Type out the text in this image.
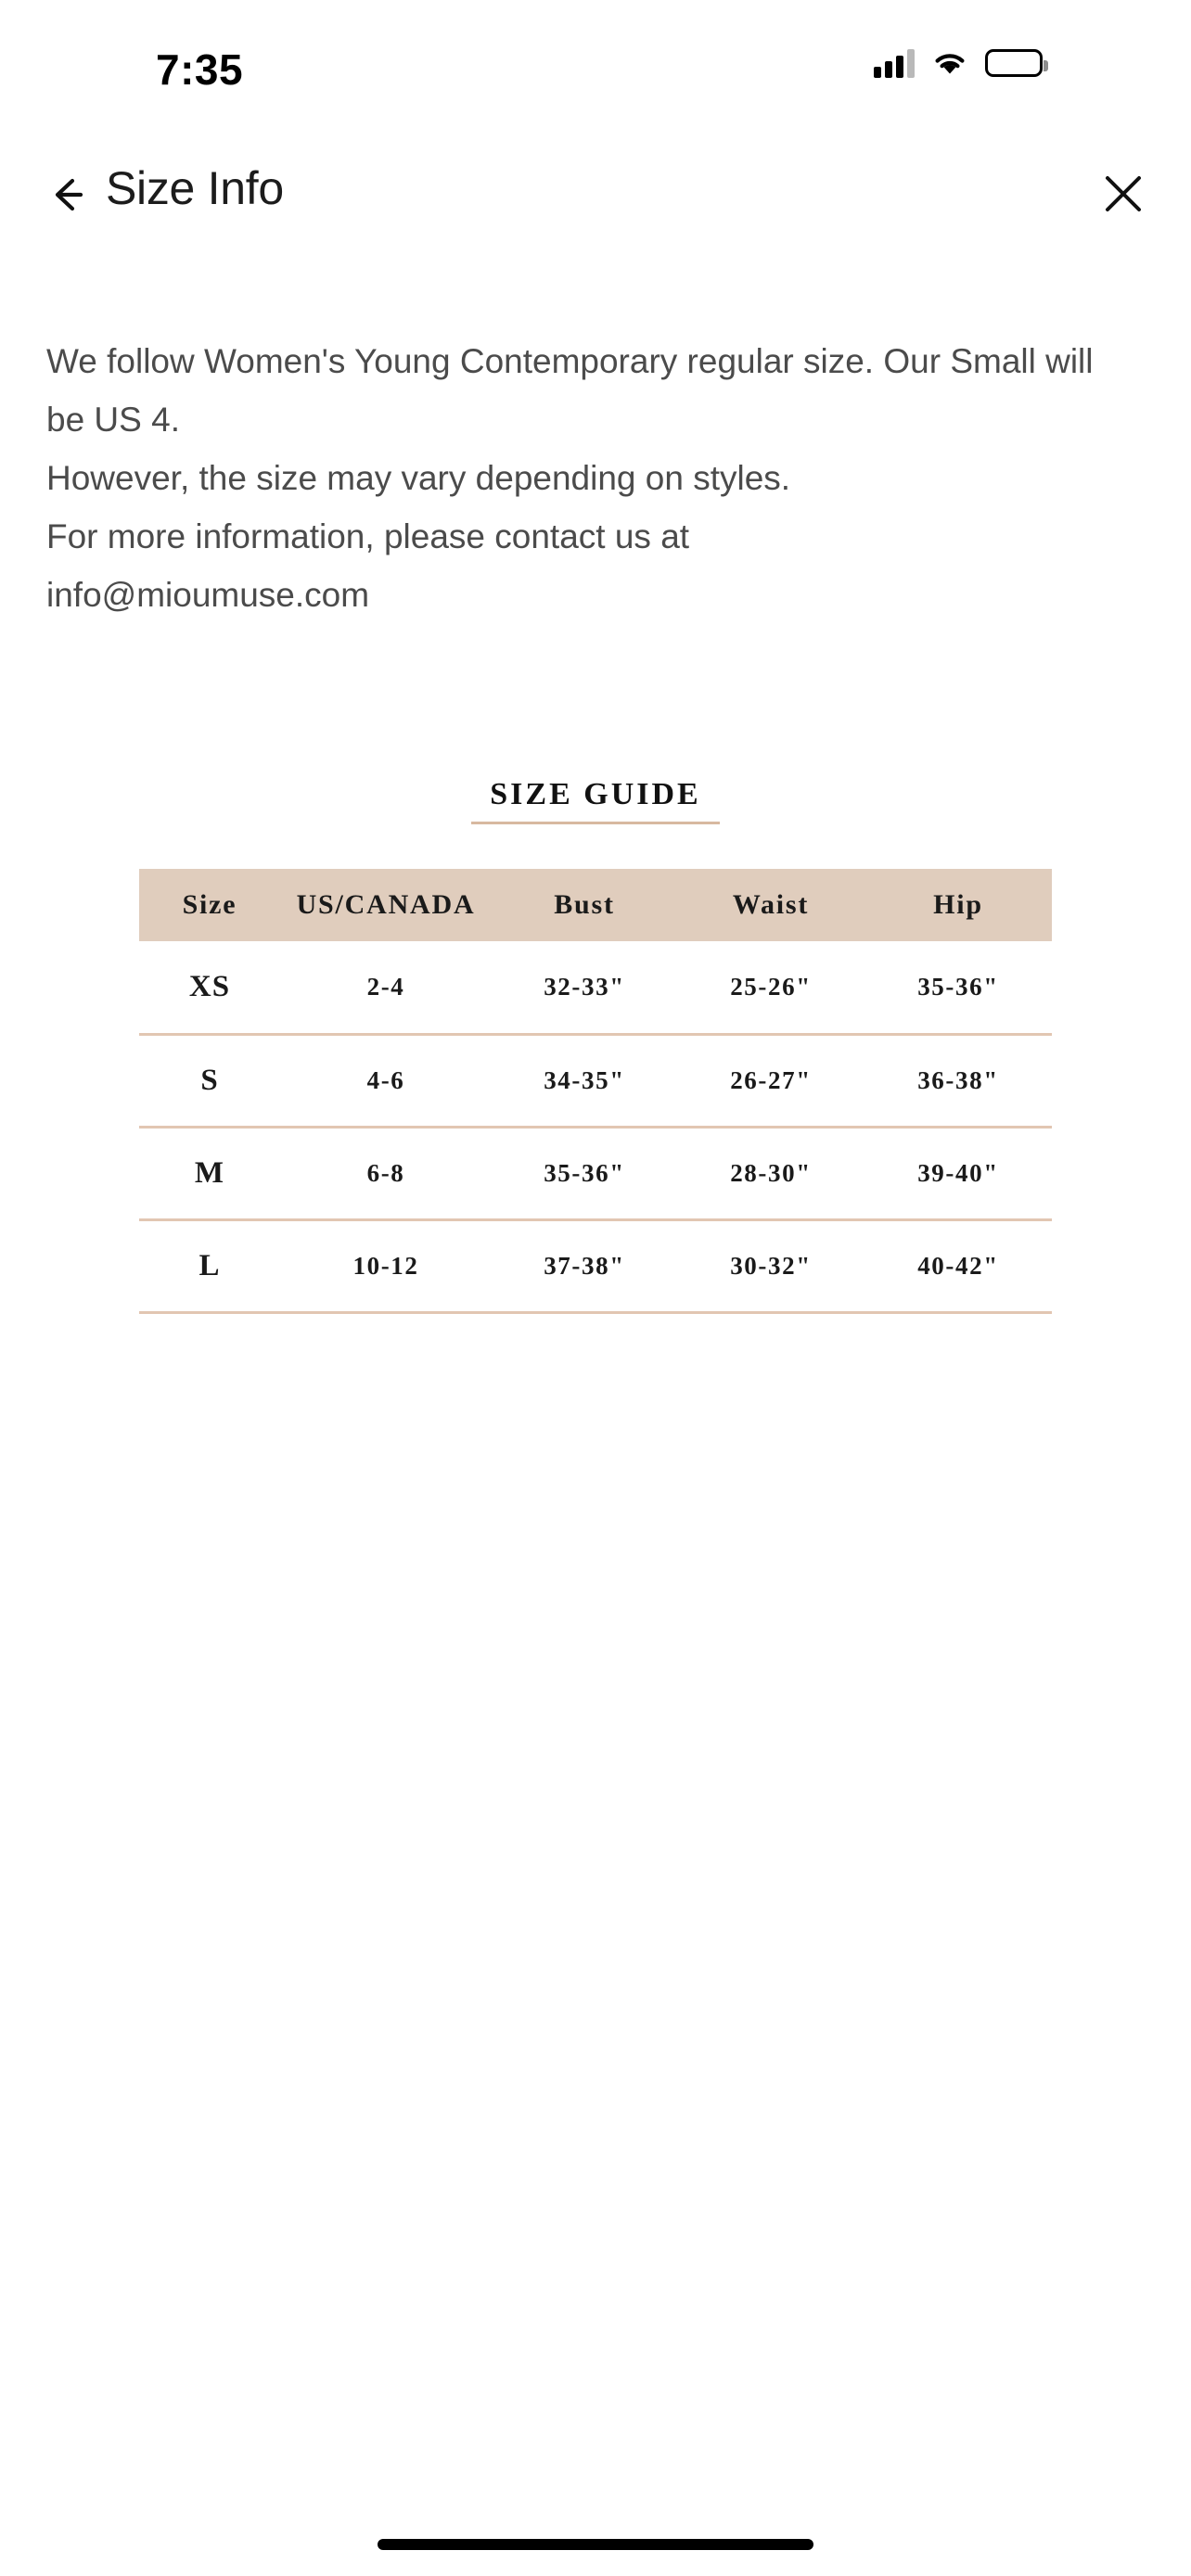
7:35
Size Info

We follow Women's Young Contemporary regular size. Our Small will be US 4.

However, the size may vary depending on styles.

For more information, please contact us at

info@mioumuse.com

SIZE GUIDE
Size	US/CANADA	Bust	Waist	Hip
XS	2-4	32-33"	25-26"	35-36"
S	4-6	34-35"	26-27"	36-38"
M	6-8	35-36"	28-30"	39-40"
L	10-12	37-38"	30-32"	40-42"
